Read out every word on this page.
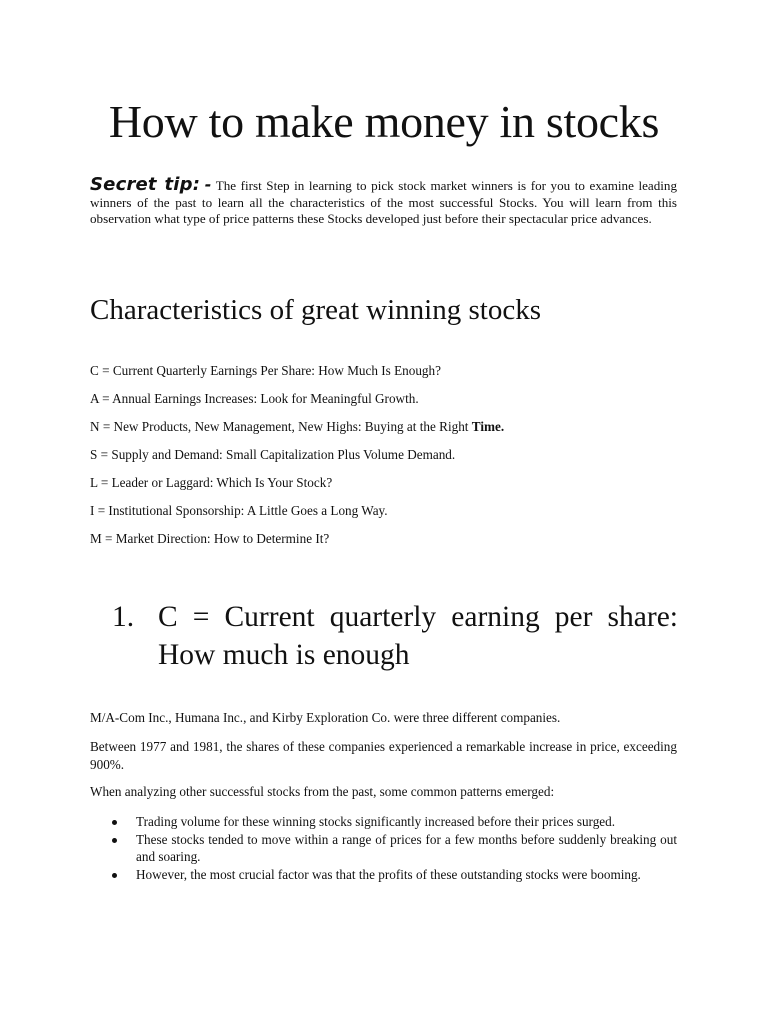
How to make money in stocks

Secret tip: - The first Step in learning to pick stock market winners is for you to examine leading winners of the past to learn all the characteristics of the most successful Stocks. You will learn from this observation what type of price patterns these Stocks developed just before their spectacular price advances.

Characteristics of great winning stocks
C = Current Quarterly Earnings Per Share: How Much Is Enough?
A = Annual Earnings Increases: Look for Meaningful Growth.
N = New Products, New Management, New Highs: Buying at the Right Time.
S = Supply and Demand: Small Capitalization Plus Volume Demand.
L = Leader or Laggard: Which Is Your Stock?
I = Institutional Sponsorship: A Little Goes a Long Way.
M = Market Direction: How to Determine It?
1. C = Current quarterly earning per share: How much is enough

M/A-Com Inc., Humana Inc., and Kirby Exploration Co. were three different companies.

Between 1977 and 1981, the shares of these companies experienced a remarkable increase in price, exceeding 900%.

When analyzing other successful stocks from the past, some common patterns emerged:

Trading volume for these winning stocks significantly increased before their prices surged.
These stocks tended to move within a range of prices for a few months before suddenly breaking out and soaring.
However, the most crucial factor was that the profits of these outstanding stocks were booming.
